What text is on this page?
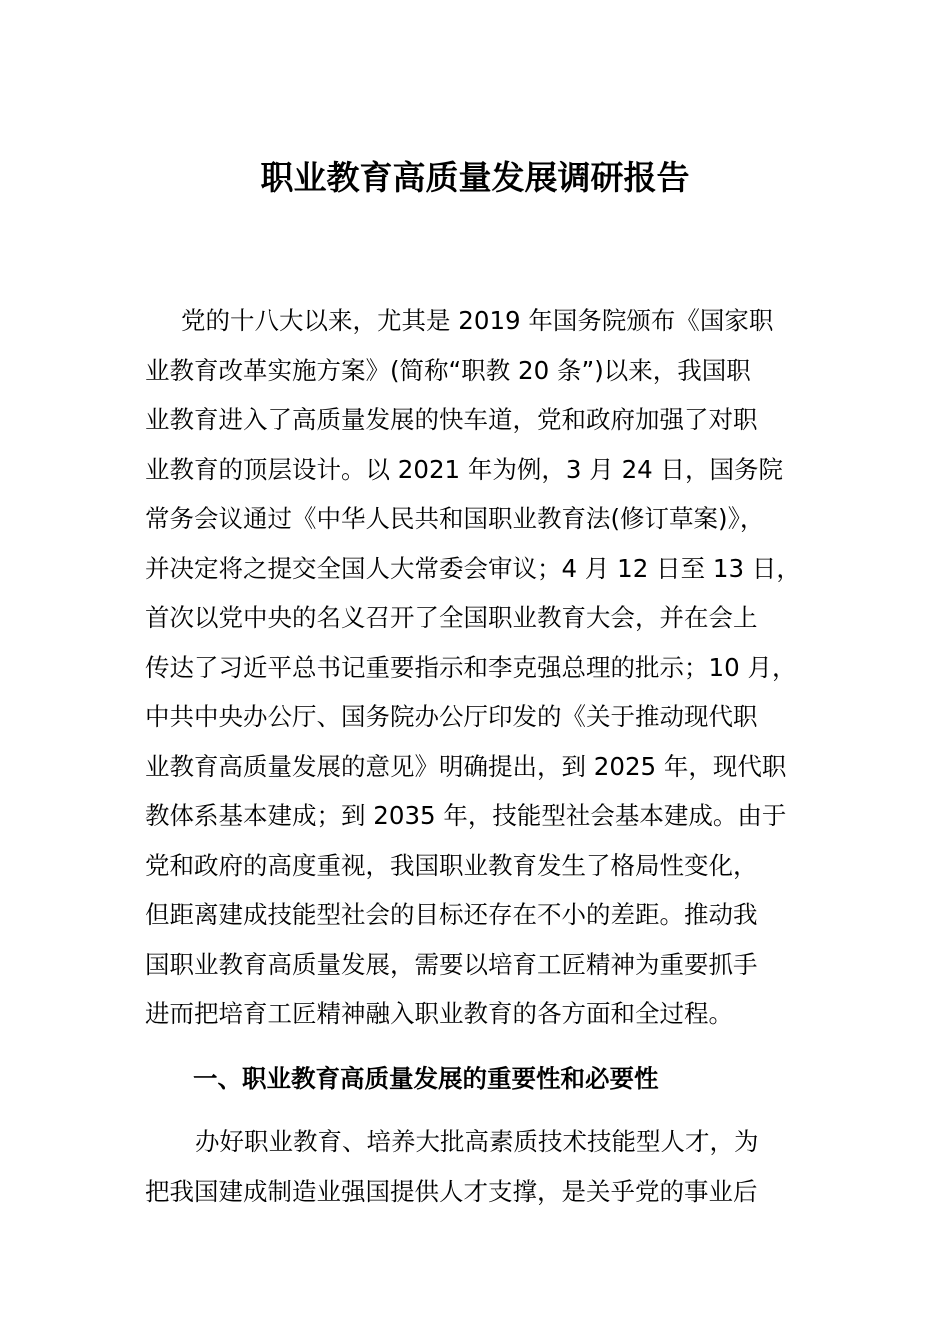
职业教育高质量发展调研报告
党的十八大以来，尤其是 2019 年国务院颁布《国家职
业教育改革实施方案》(简称“职教 20 条”)以来，我国职
业教育进入了高质量发展的快车道，党和政府加强了对职
业教育的顶层设计。以 2021 年为例，3 月 24 日，国务院
常务会议通过《中华人民共和国职业教育法(修订草案)》，
并决定将之提交全国人大常委会审议；4 月 12 日至 13 日，
首次以党中央的名义召开了全国职业教育大会，并在会上
传达了习近平总书记重要指示和李克强总理的批示；10 月，
中共中央办公厅、国务院办公厅印发的《关于推动现代职
业教育高质量发展的意见》明确提出，到 2025 年，现代职
教体系基本建成；到 2035 年，技能型社会基本建成。由于
党和政府的高度重视，我国职业教育发生了格局性变化，
但距离建成技能型社会的目标还存在不小的差距。推动我
国职业教育高质量发展，需要以培育工匠精神为重要抓手
进而把培育工匠精神融入职业教育的各方面和全过程。
一、职业教育高质量发展的重要性和必要性
办好职业教育、培养大批高素质技术技能型人才，为
把我国建成制造业强国提供人才支撑，是关乎党的事业后
